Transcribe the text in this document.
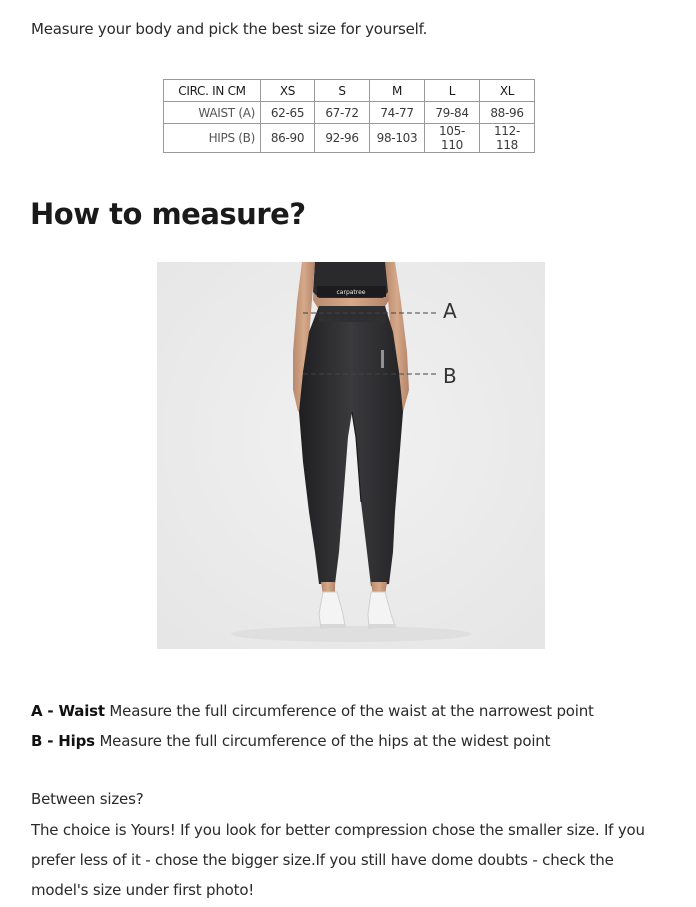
Measure your body and pick the best size for yourself.
CIRC. IN CM	XS	S	M	L	XL
WAIST (A)	62-65	67-72	74-77	79-84	88-96
HIPS (B)	86-90	92-96	98-103	105-110	112-118
How to measure?
carpatree
A
B
A - Waist Measure the full circumference of the waist at the narrowest point
B - Hips Measure the full circumference of the hips at the widest point
Between sizes?
The choice is Yours! If you look for better compression chose the smaller size. If you prefer less of it - chose the bigger size.If you still have dome doubts - check the model's size under first photo!
